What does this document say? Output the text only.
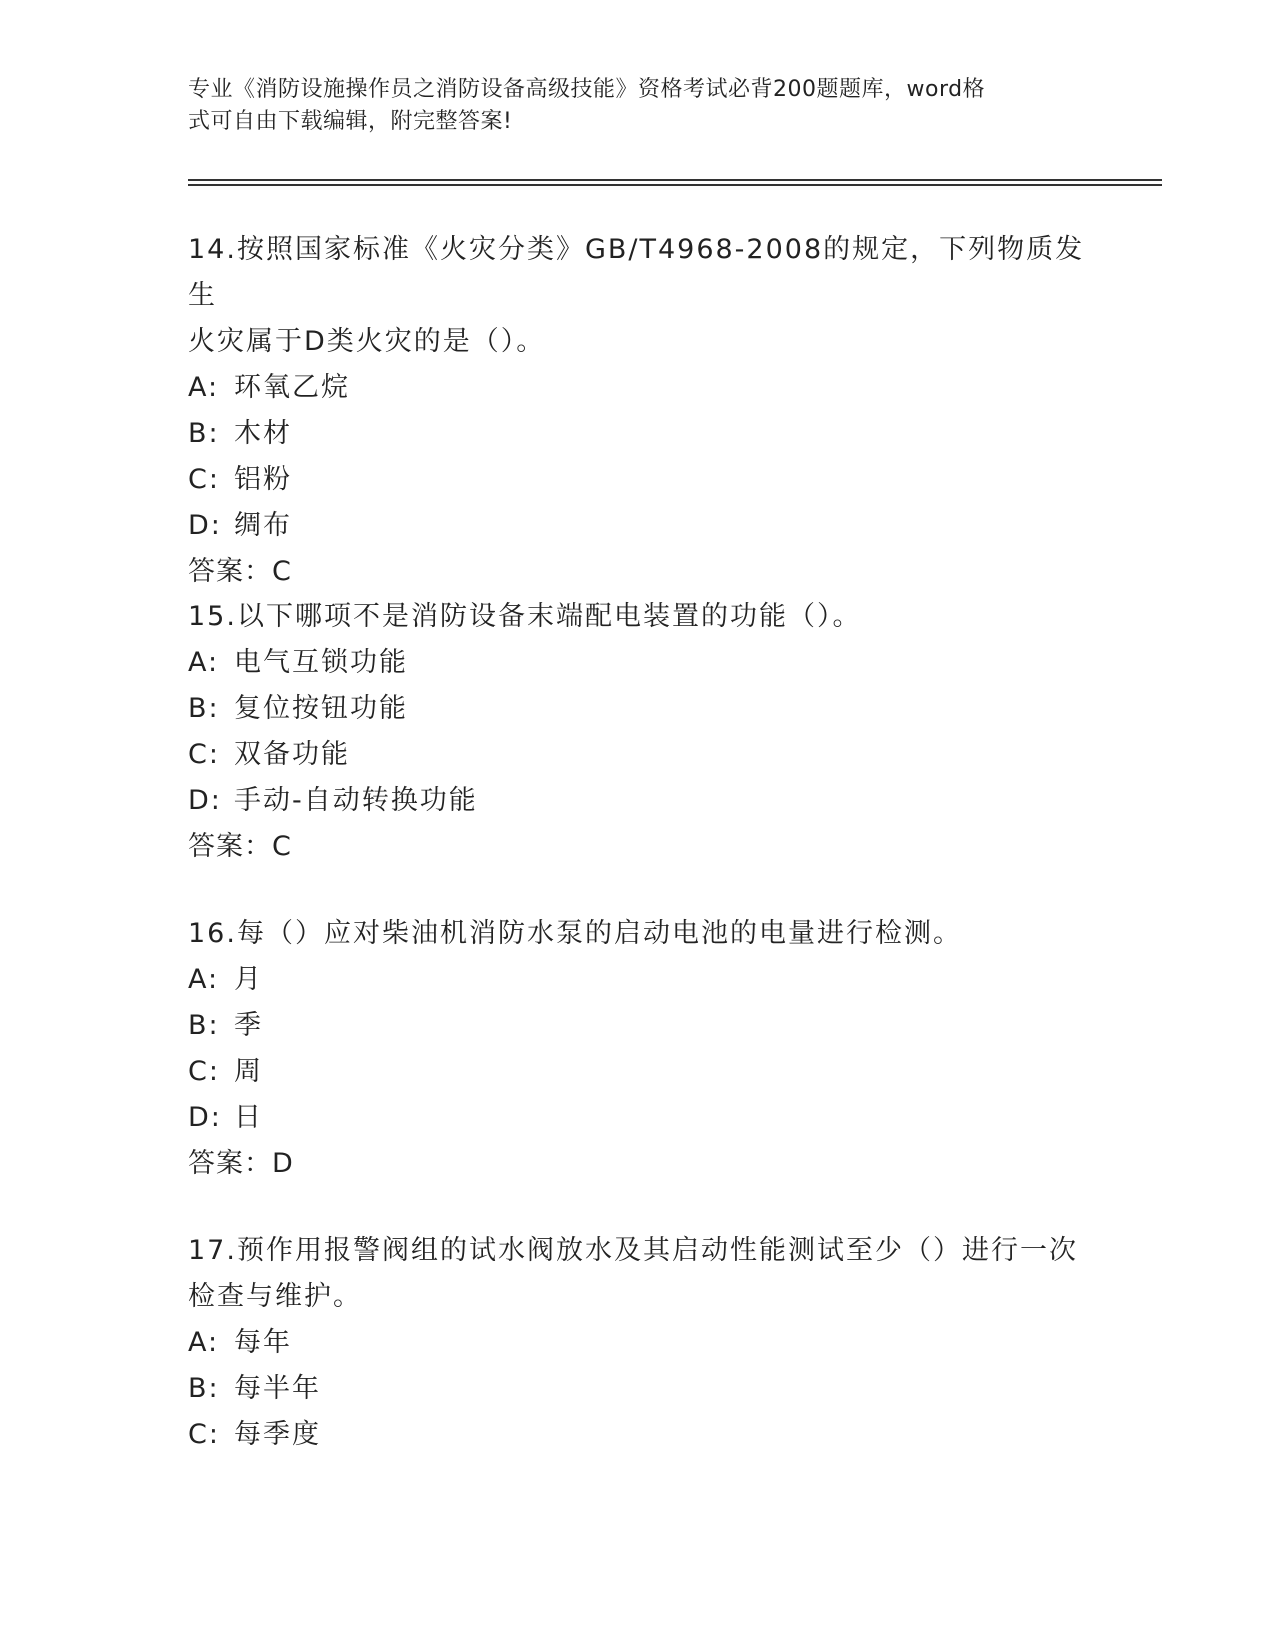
专业《消防设施操作员之消防设备高级技能》资格考试必背200题题库，word格
式可自由下载编辑，附完整答案!

14.按照国家标准《火灾分类》GB/T4968-2008的规定，下列物质发生

火灾属于D类火灾的是（）。

A: 环氧乙烷

B: 木材

C: 铝粉

D: 绸布

答案：C

15.以下哪项不是消防设备末端配电装置的功能（）。

A: 电气互锁功能

B: 复位按钮功能

C: 双备功能

D: 手动-自动转换功能

答案：C

16.每（）应对柴油机消防水泵的启动电池的电量进行检测。

A: 月

B: 季

C: 周

D: 日

答案：D

17.预作用报警阀组的试水阀放水及其启动性能测试至少（）进行一次

检查与维护。

A: 每年

B: 每半年

C: 每季度
